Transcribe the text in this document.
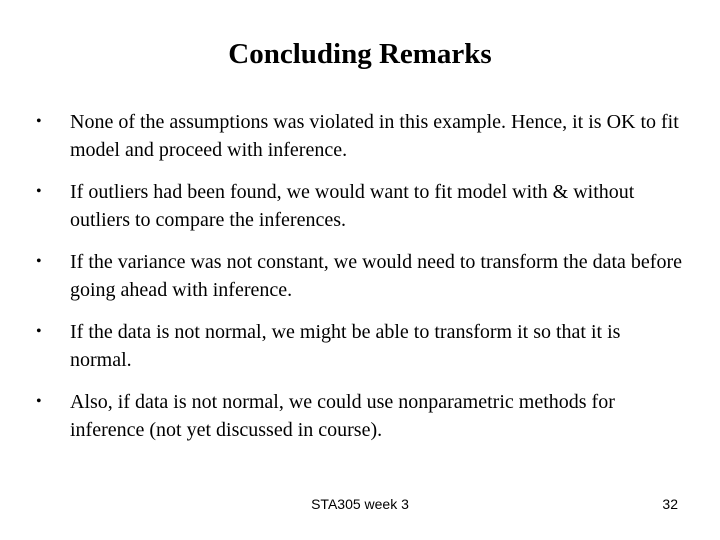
Concluding Remarks
•	None of the assumptions was violated in this example. Hence, it is OK to fit model and proceed with inference.
•	If outliers had been found, we would want to fit model with & without outliers to compare the inferences.
•	If the variance was not constant, we would need to transform the data before going ahead with inference.
•	If the data is not normal, we might be able to transform it so that it is normal.
•	Also, if data is not normal, we could use nonparametric methods for inference (not yet discussed in course).
STA305 week 3	32
